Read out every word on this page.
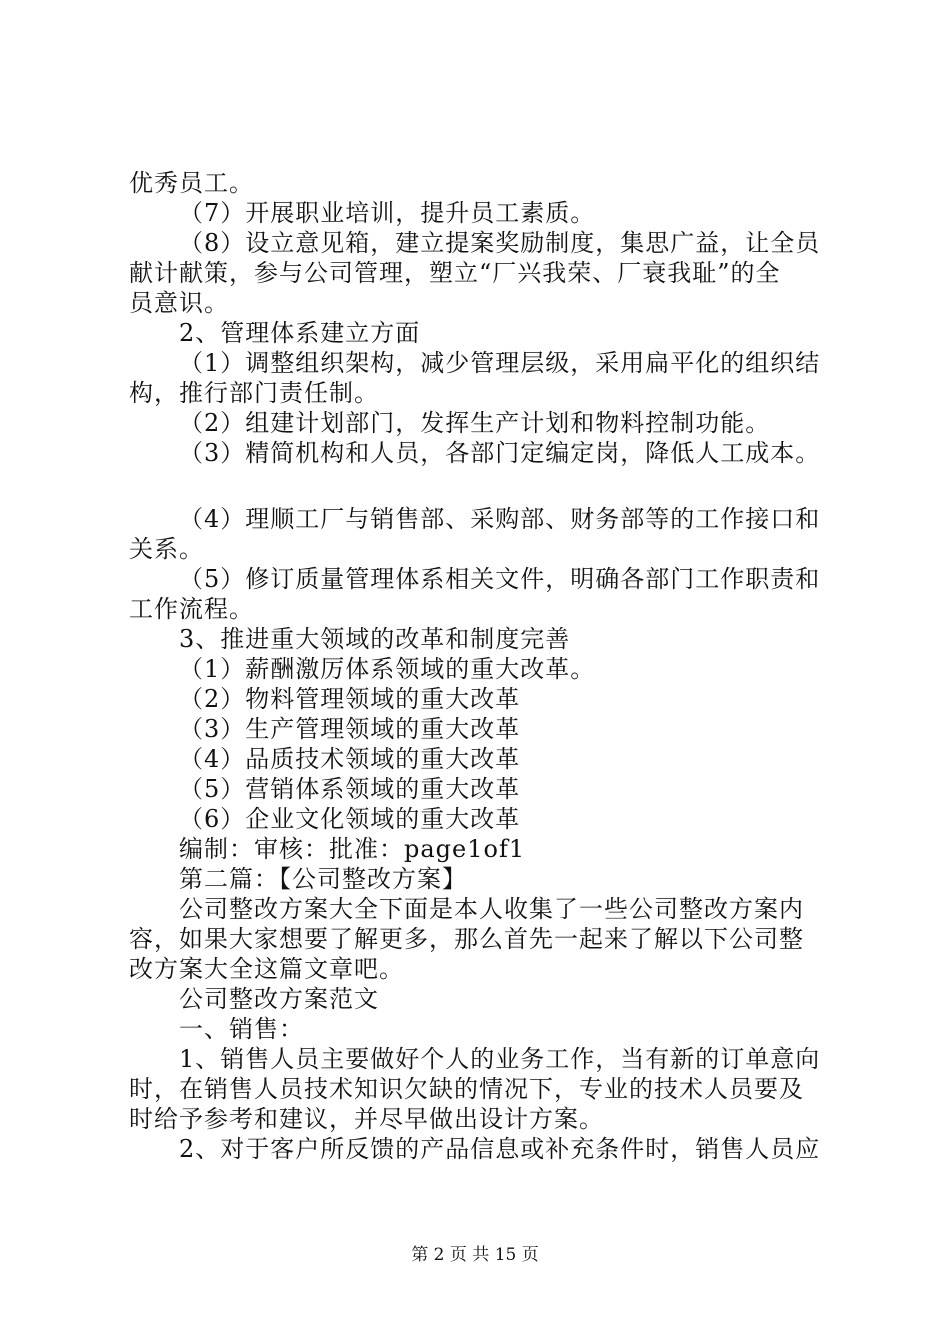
优秀员工。
（7）开展职业培训，提升员工素质。
（8）设立意见箱，建立提案奖励制度，集思广益，让全员
献计献策，参与公司管理，塑立“厂兴我荣、厂衰我耻”的全
员意识。
2、管理体系建立方面
（1）调整组织架构，减少管理层级，采用扁平化的组织结
构，推行部门责任制。
（2）组建计划部门，发挥生产计划和物料控制功能。
（3）精简机构和人员，各部门定编定岗，降低人工成本。
（4）理顺工厂与销售部、采购部、财务部等的工作接口和
关系。
（5）修订质量管理体系相关文件，明确各部门工作职责和
工作流程。
3、推进重大领域的改革和制度完善
（1）薪酬激厉体系领域的重大改革。
（2）物料管理领域的重大改革
（3）生产管理领域的重大改革
（4）品质技术领域的重大改革
（5）营销体系领域的重大改革
（6）企业文化领域的重大改革
编制：审核：批准：page1of1
第二篇：【公司整改方案】
公司整改方案大全下面是本人收集了一些公司整改方案内
容，如果大家想要了解更多，那么首先一起来了解以下公司整
改方案大全这篇文章吧。
公司整改方案范文
一、销售：
1、销售人员主要做好个人的业务工作，当有新的订单意向
时，在销售人员技术知识欠缺的情况下，专业的技术人员要及
时给予参考和建议，并尽早做出设计方案。
2、对于客户所反馈的产品信息或补充条件时，销售人员应
第 2 页 共 15 页
